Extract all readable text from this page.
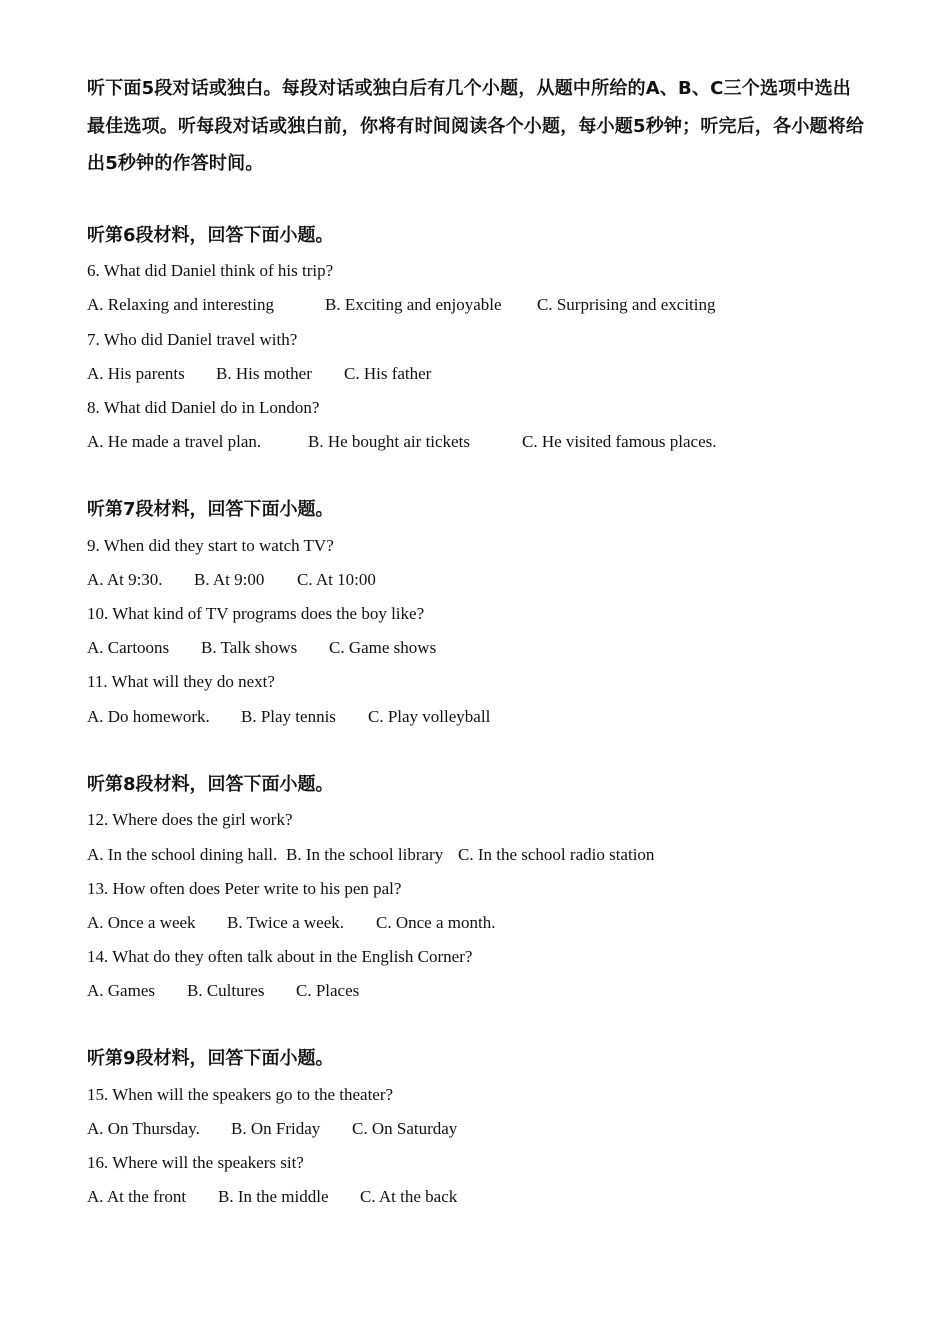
听下面5段对话或独白。每段对话或独白后有几个小题，从题中所给的A、B、C三个选项中选出最佳选项。听每段对话或独白前，你将有时间阅读各个小题，每小题5秒钟；听完后，各小题将给出5秒钟的作答时间。
听第6段材料，回答下面小题。
6. What did Daniel think of his trip?
A. Relaxing and interesting	B. Exciting and enjoyable C. Surprising and exciting
7. Who did Daniel travel with?
A. His parents B. His mother C. His father
8. What did Daniel do in London?
A. He made a travel plan.	B. He bought air tickets	C. He visited famous places.
听第7段材料，回答下面小题。
9. When did they start to watch TV?
A. At 9:30. B. At 9:00 C. At 10:00
10. What kind of TV programs does the boy like?
A. Cartoons B. Talk shows C. Game shows
11. What will they do next?
A. Do homework. B. Play tennis C. Play volleyball
听第8段材料，回答下面小题。
12. Where does the girl work?
A. In the school dining hall. B. In the school library C. In the school radio station
13. How often does Peter write to his pen pal?
A. Once a week B. Twice a week. C. Once a month.
14. What do they often talk about in the English Corner?
A. Games B. Cultures C. Places
听第9段材料，回答下面小题。
15. When will the speakers go to the theater?
A. On Thursday. B. On Friday C. On Saturday
16. Where will the speakers sit?
A. At the front B. In the middle C. At the back
